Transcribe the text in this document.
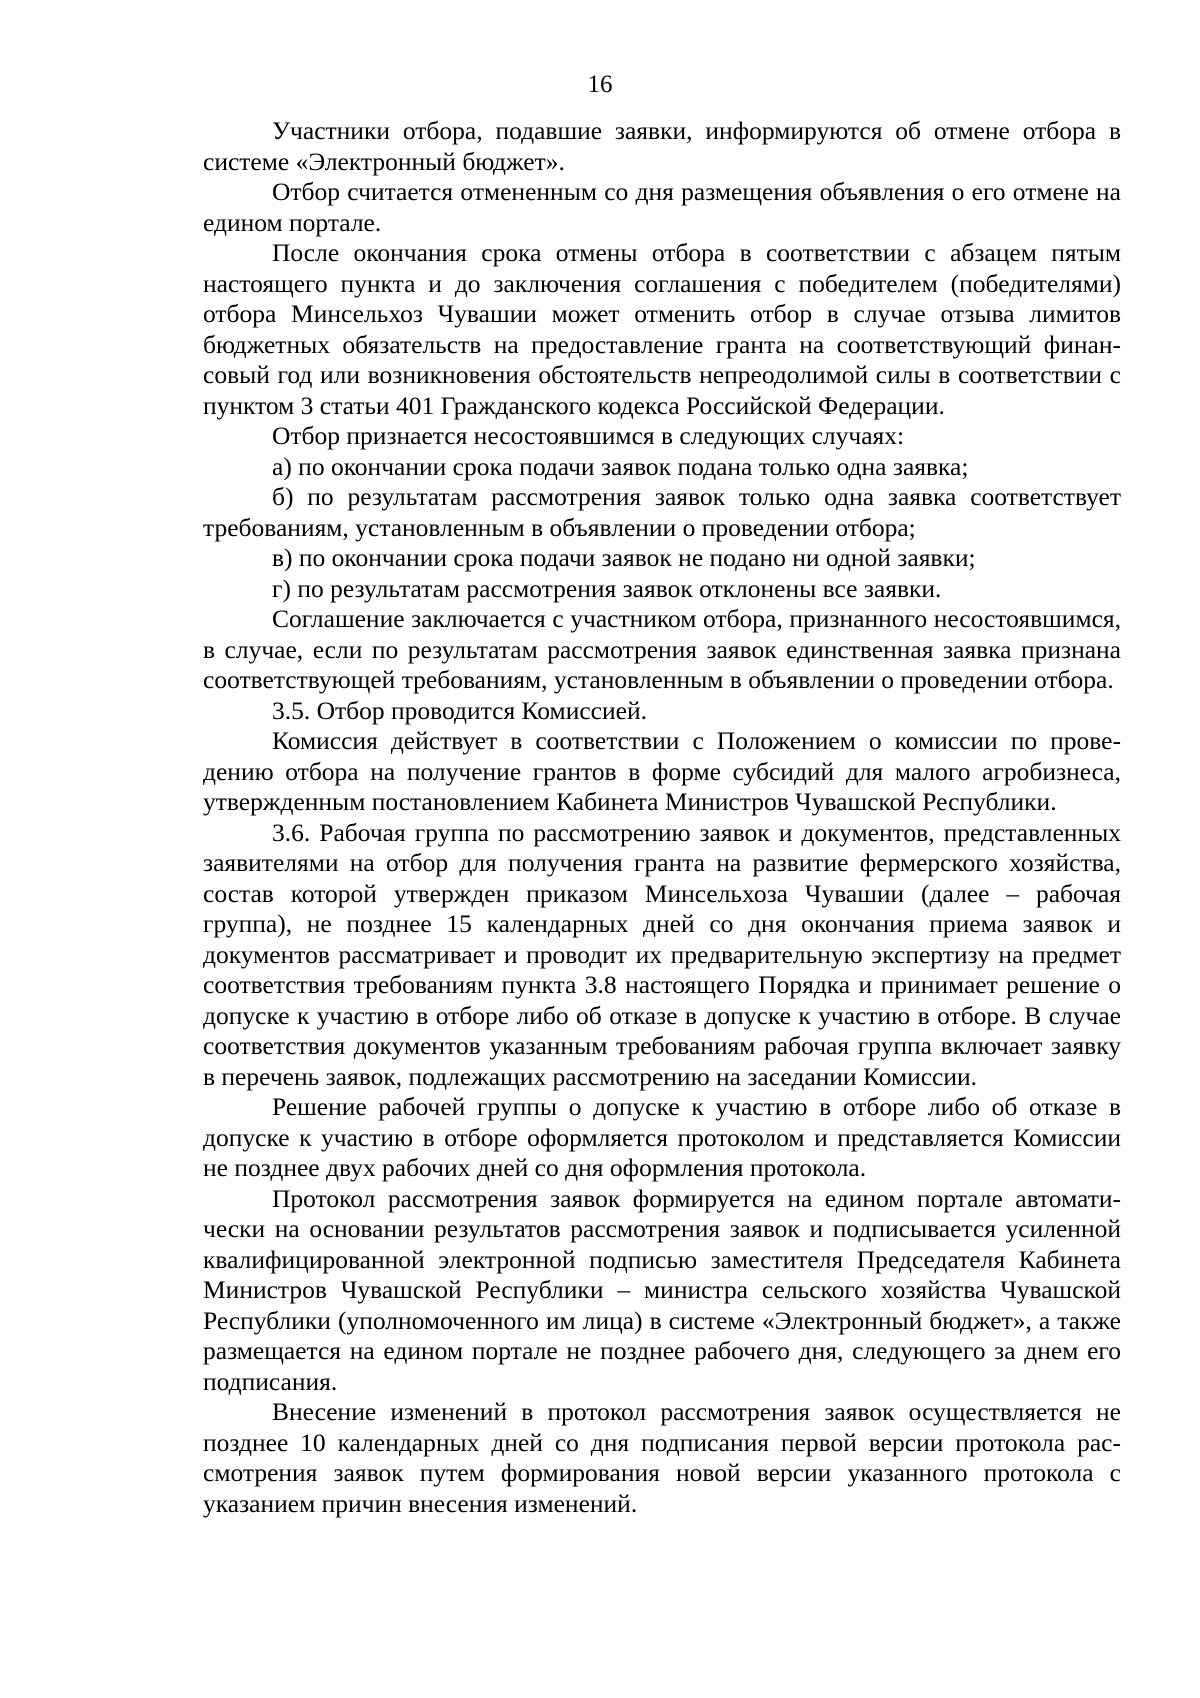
16

Участники отбора, подавшие заявки, информируются об отмене отбора в системе «Электронный бюджет».

Отбор считается отмененным со дня размещения объявления о его отмене на едином портале.

После окончания срока отмены отбора в соответствии с абзацем пятым настоящего пункта и до заключения соглашения с победителем (победителями) отбора Минсельхоз Чувашии может отменить отбор в случае отзыва лимитов бюджетных обязательств на предоставление гранта на соответствующий финансовый год или возникновения обстоятельств непреодолимой силы в соответствии с пунктом 3 статьи 401 Гражданского кодекса Российской Федерации.

Отбор признается несостоявшимся в следующих случаях:

а) по окончании срока подачи заявок подана только одна заявка;

б) по результатам рассмотрения заявок только одна заявка соответствует требованиям, установленным в объявлении о проведении отбора;

в) по окончании срока подачи заявок не подано ни одной заявки;

г) по результатам рассмотрения заявок отклонены все заявки.

Соглашение заключается с участником отбора, признанного несостоявшимся, в случае, если по результатам рассмотрения заявок единственная заявка признана соответствующей требованиям, установленным в объявлении о проведении отбора.

3.5. Отбор проводится Комиссией.

Комиссия действует в соответствии с Положением о комиссии по проведению отбора на получение грантов в форме субсидий для малого агробизнеса, утвержденным постановлением Кабинета Министров Чувашской Республики.

3.6. Рабочая группа по рассмотрению заявок и документов, представленных заявителями на отбор для получения гранта на развитие фермерского хозяйства, состав которой утвержден приказом Минсельхоза Чувашии (далее – рабочая группа), не позднее 15 календарных дней со дня окончания приема заявок и документов рассматривает и проводит их предварительную экспертизу на предмет соответствия требованиям пункта 3.8 настоящего Порядка и принимает решение о допуске к участию в отборе либо об отказе в допуске к участию в отборе. В случае соответствия документов указанным требованиям рабочая группа включает заявку в перечень заявок, подлежащих рассмотрению на заседании Комиссии.

Решение рабочей группы о допуске к участию в отборе либо об отказе в допуске к участию в отборе оформляется протоколом и представляется Комиссии не позднее двух рабочих дней со дня оформления протокола.

Протокол рассмотрения заявок формируется на едином портале автоматически на основании результатов рассмотрения заявок и подписывается усиленной квалифицированной электронной подписью заместителя Председателя Кабинета Министров Чувашской Республики – министра сельского хозяйства Чувашской Республики (уполномоченного им лица) в системе «Электронный бюджет», а также размещается на едином портале не позднее рабочего дня, следующего за днем его подписания.

Внесение изменений в протокол рассмотрения заявок осуществляется не позднее 10 календарных дней со дня подписания первой версии протокола рассмотрения заявок путем формирования новой версии указанного протокола с указанием причин внесения изменений.
